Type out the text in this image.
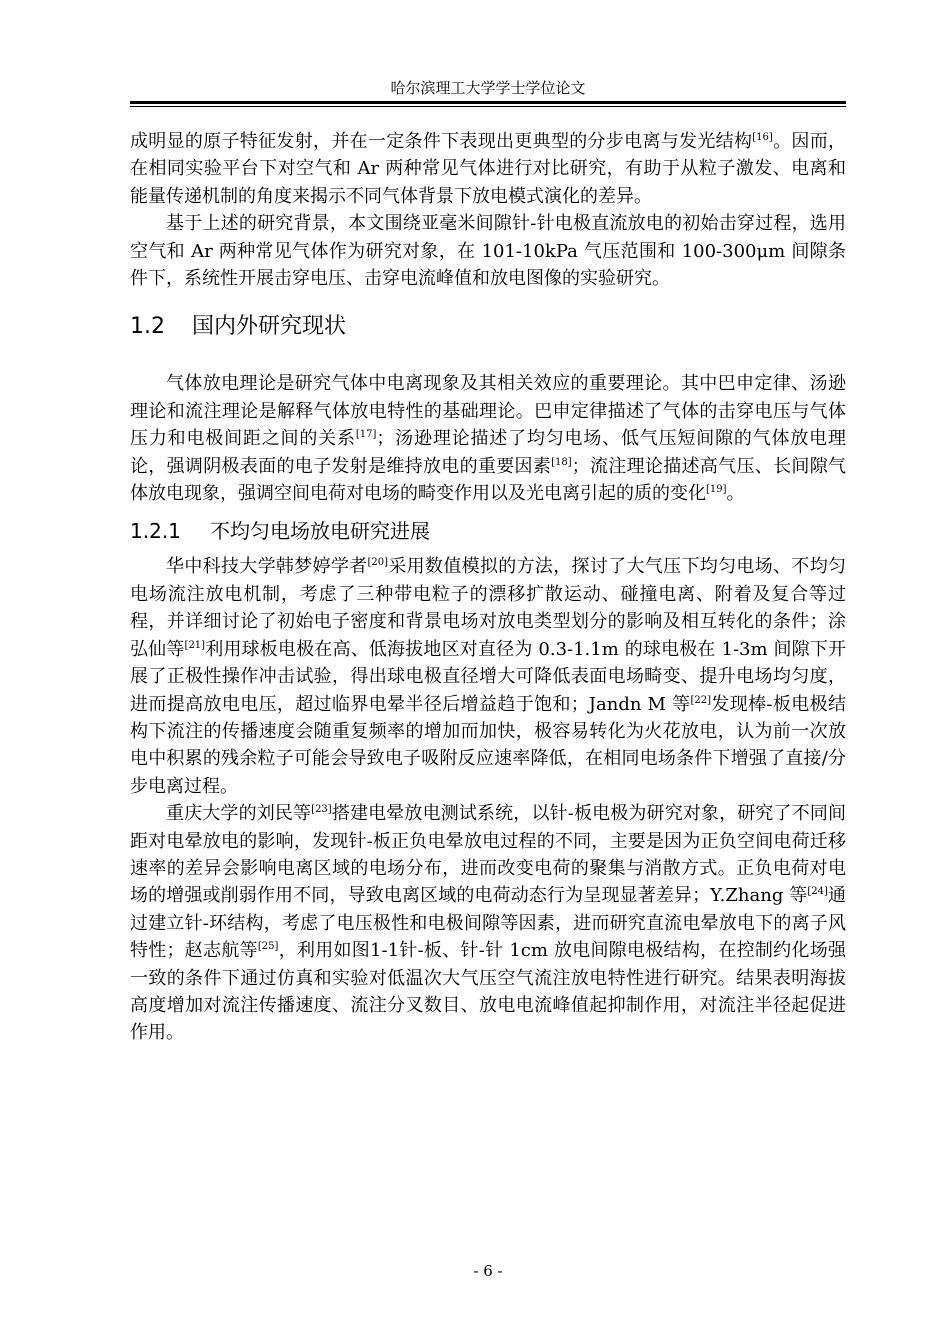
哈尔滨理工大学学士学位论文

成明显的原子特征发射，并在一定条件下表现出更典型的分步电离与发光结构[16]。因而，在相同实验平台下对空气和 Ar 两种常见气体进行对比研究，有助于从粒子激发、电离和能量传递机制的角度来揭示不同气体背景下放电模式演化的差异。

基于上述的研究背景，本文围绕亚毫米间隙针-针电极直流放电的初始击穿过程，选用空气和 Ar 两种常见气体作为研究对象，在 101-10kPa 气压范围和 100-300μm 间隙条件下，系统性开展击穿电压、击穿电流峰值和放电图像的实验研究。

1.2 国内外研究现状

气体放电理论是研究气体中电离现象及其相关效应的重要理论。其中巴申定律、汤逊理论和流注理论是解释气体放电特性的基础理论。巴申定律描述了气体的击穿电压与气体压力和电极间距之间的关系[17]；汤逊理论描述了均匀电场、低气压短间隙的气体放电理论，强调阴极表面的电子发射是维持放电的重要因素[18]；流注理论描述高气压、长间隙气体放电现象，强调空间电荷对电场的畸变作用以及光电离引起的质的变化[19]。

1.2.1 不均匀电场放电研究进展

华中科技大学韩梦婷学者[20]采用数值模拟的方法，探讨了大气压下均匀电场、不均匀电场流注放电机制，考虑了三种带电粒子的漂移扩散运动、碰撞电离、附着及复合等过程，并详细讨论了初始电子密度和背景电场对放电类型划分的影响及相互转化的条件；涂弘仙等[21]利用球板电极在高、低海拔地区对直径为 0.3-1.1m 的球电极在 1-3m 间隙下开展了正极性操作冲击试验，得出球电极直径增大可降低表面电场畸变、提升电场均匀度，进而提高放电电压，超过临界电晕半径后增益趋于饱和；Jandn M 等[22]发现棒-板电极结构下流注的传播速度会随重复频率的增加而加快，极容易转化为火花放电，认为前一次放电中积累的残余粒子可能会导致电子吸附反应速率降低，在相同电场条件下增强了直接/分步电离过程。

重庆大学的刘民等[23]搭建电晕放电测试系统，以针-板电极为研究对象，研究了不同间距对电晕放电的影响，发现针-板正负电晕放电过程的不同，主要是因为正负空间电荷迁移速率的差异会影响电离区域的电场分布，进而改变电荷的聚集与消散方式。正负电荷对电场的增强或削弱作用不同，导致电离区域的电荷动态行为呈现显著差异；Y.Zhang 等[24]通过建立针-环结构，考虑了电压极性和电极间隙等因素，进而研究直流电晕放电下的离子风特性；赵志航等[25]，利用如图1-1针-板、针-针 1cm 放电间隙电极结构，在控制约化场强一致的条件下通过仿真和实验对低温次大气压空气流注放电特性进行研究。结果表明海拔高度增加对流注传播速度、流注分叉数目、放电电流峰值起抑制作用，对流注半径起促进作用。

- 6 -
